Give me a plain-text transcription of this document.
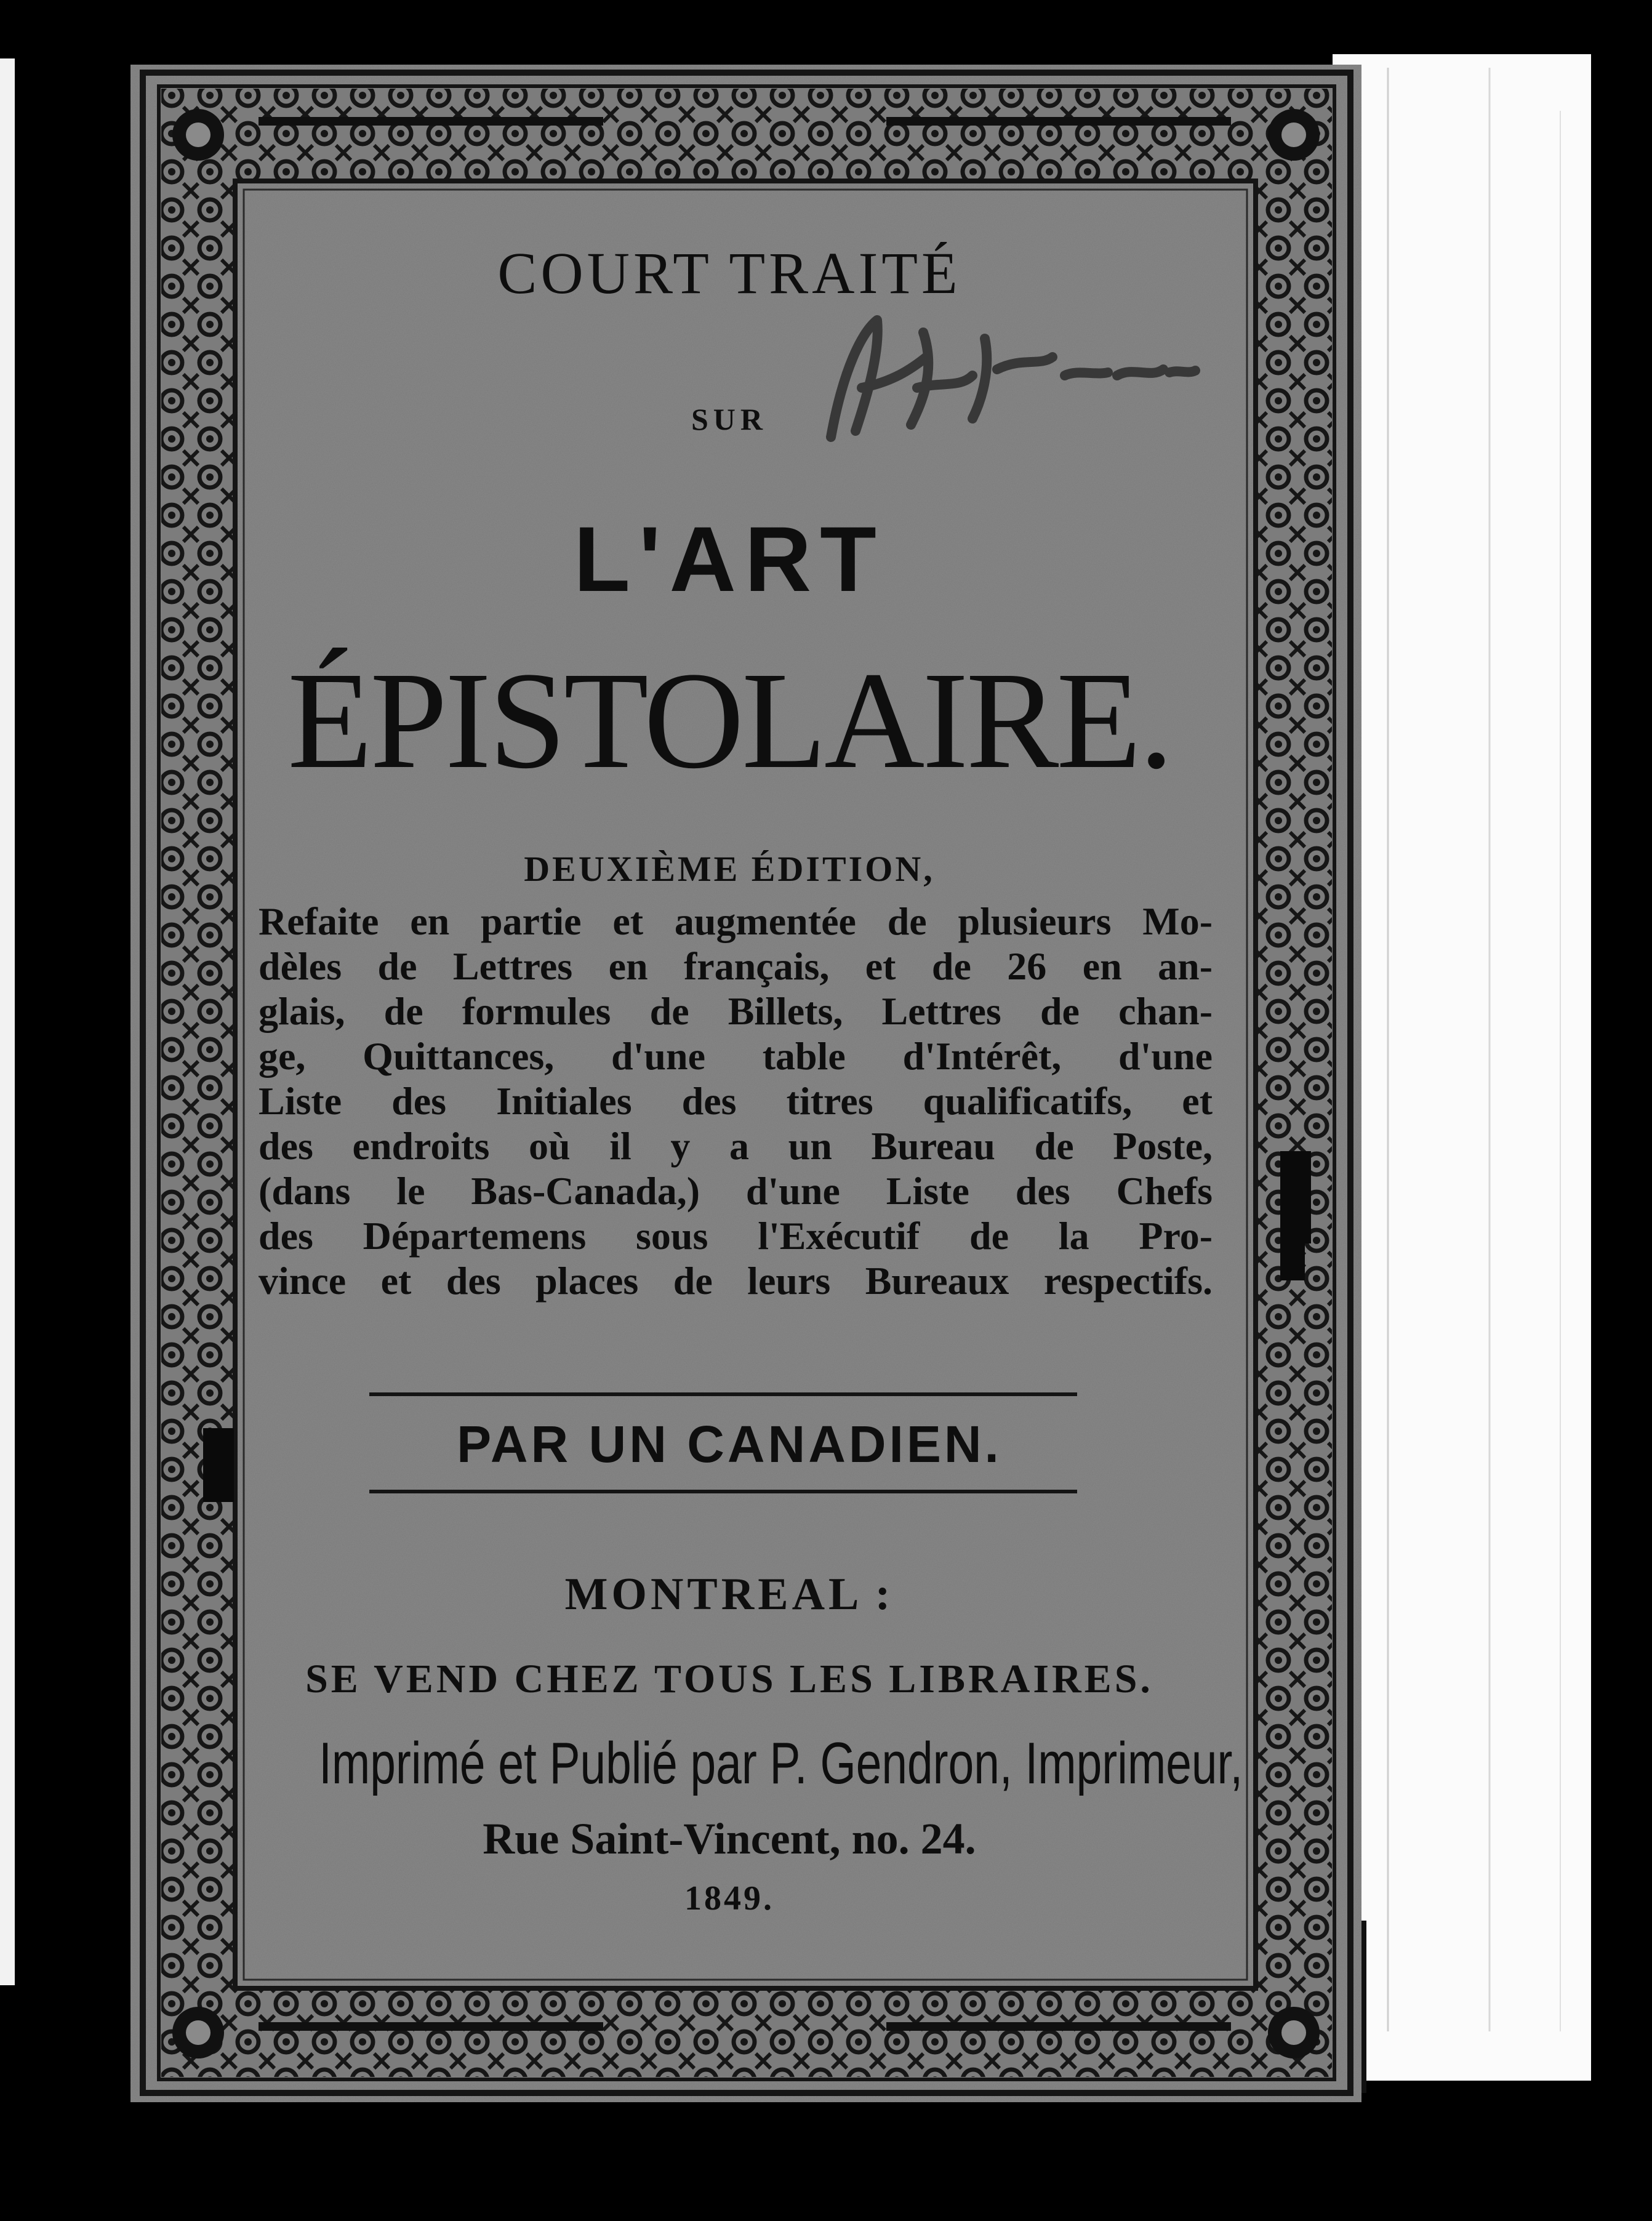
COURT TRAITÉ
SUR
L'ART
ÉPISTOLAIRE.
DEUXIÈME ÉDITION,
Refaite en partie et augmentée de plusieurs Mo-
dèles de Lettres en français, et de 26 en an-
glais, de formules de Billets, Lettres de chan-
ge, Quittances, d'une table d'Intérêt, d'une
Liste des Initiales des titres qualificatifs, et
des endroits où il y a un Bureau de Poste,
(dans le Bas-Canada,) d'une Liste des Chefs
des Départemens sous l'Exécutif de la Pro-
vince et des places de leurs Bureaux respectifs.
PAR UN CANADIEN.
MONTREAL :
SE VEND CHEZ TOUS LES LIBRAIRES.
Imprimé et Publié par P. Gendron, Imprimeur,
Rue Saint-Vincent, no. 24.
1849.
